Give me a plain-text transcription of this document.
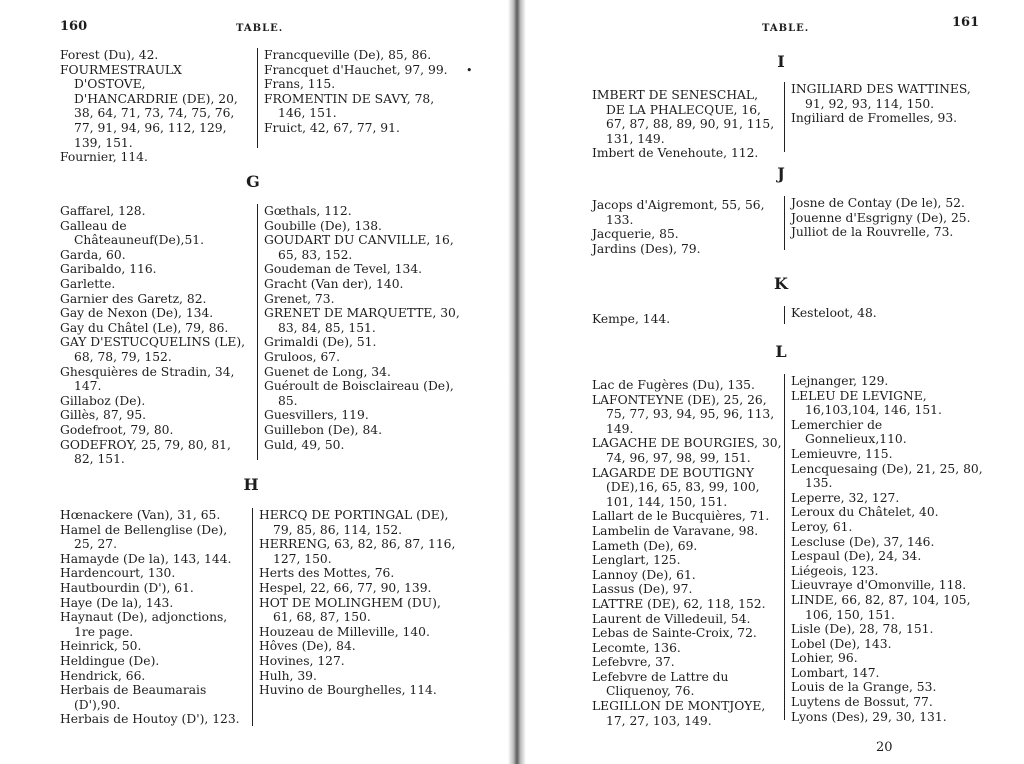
160	TABLE.
Forest (Du), 42.
FOURMESTRAULX D'OSTOVE, D'HANCARDRIE (DE), 20, 38, 64, 71, 73, 74, 75, 76, 77, 91, 94, 96, 112, 129, 139, 151.
Fournier, 114.
Francqueville (De), 85, 86.
Francquet d'Hauchet, 97, 99.
Frans, 115.
FROMENTIN DE SAVY, 78, 146, 151.
Fruict, 42, 67, 77, 91.
•
G
Gaffarel, 128.
Galleau de Châteauneuf(De),51.
Garda, 60.
Garibaldo, 116.
Garlette.
Garnier des Garetz, 82.
Gay de Nexon (De), 134.
Gay du Châtel (Le), 79, 86.
GAY D'ESTUCQUELINS (LE), 68, 78, 79, 152.
Ghesquières de Stradin, 34, 147.
Gillaboz (De).
Gillès, 87, 95.
Godefroot, 79, 80.
GODEFROY, 25, 79, 80, 81, 82, 151.
Gœthals, 112.
Goubille (De), 138.
GOUDART DU CANVILLE, 16, 65, 83, 152.
Goudeman de Tevel, 134.
Gracht (Van der), 140.
Grenet, 73.
GRENET DE MARQUETTE, 30, 83, 84, 85, 151.
Grimaldi (De), 51.
Gruloos, 67.
Guenet de Long, 34.
Guéroult de Boisclaireau (De), 85.
Guesvillers, 119.
Guillebon (De), 84.
Guld, 49, 50.
H
Hœnackere (Van), 31, 65.
Hamel de Bellenglise (De), 25, 27.
Hamayde (De la), 143, 144.
Hardencourt, 130.
Hautbourdin (D'), 61.
Haye (De la), 143.
Haynaut (De), adjonctions, 1re page.
Heinrick, 50.
Heldingue (De).
Hendrick, 66.
Herbais de Beaumarais (D'),90.
Herbais de Houtoy (D'), 123.
HERCQ DE PORTINGAL (DE), 79, 85, 86, 114, 152.
HERRENG, 63, 82, 86, 87, 116, 127, 150.
Herts des Mottes, 76.
Hespel, 22, 66, 77, 90, 139.
HOT DE MOLINGHEM (DU), 61, 68, 87, 150.
Houzeau de Milleville, 140.
Hôves (De), 84.
Hovines, 127.
Hulh, 39.
Huvino de Bourghelles, 114.
TABLE.	161
I
IMBERT DE SENESCHAL, DE LA PHALECQUE, 16, 67, 87, 88, 89, 90, 91, 115, 131, 149.
Imbert de Venehoute, 112.
INGILIARD DES WATTINES, 91, 92, 93, 114, 150.
Ingiliard de Fromelles, 93.
J
Jacops d'Aigremont, 55, 56, 133.
Jacquerie, 85.
Jardins (Des), 79.
Josne de Contay (De le), 52.
Jouenne d'Esgrigny (De), 25.
Julliot de la Rouvrelle, 73.
K
Kempe, 144.	Kesteloot, 48.
L
Lac de Fugères (Du), 135.
LAFONTEYNE (DE), 25, 26, 75, 77, 93, 94, 95, 96, 113, 149.
LAGACHE DE BOURGIES, 30, 74, 96, 97, 98, 99, 151.
LAGARDE DE BOUTIGNY (DE),16, 65, 83, 99, 100, 101, 144, 150, 151.
Lallart de le Bucquières, 71.
Lambelin de Varavane, 98.
Lameth (De), 69.
Lenglart, 125.
Lannoy (De), 61.
Lassus (De), 97.
LATTRE (DE), 62, 118, 152.
Laurent de Villedeuil, 54.
Lebas de Sainte-Croix, 72.
Lecomte, 136.
Lefebvre, 37.
Lefebvre de Lattre du Cliquenoy, 76.
LEGILLON DE MONTJOYE, 17, 27, 103, 149.
Lejnanger, 129.
LELEU DE LEVIGNE, 16,103,104, 146, 151.
Lemerchier de Gonnelieux,110.
Lemieuvre, 115.
Lencquesaing (De), 21, 25, 80, 135.
Leperre, 32, 127.
Leroux du Châtelet, 40.
Leroy, 61.
Lescluse (De), 37, 146.
Lespaul (De), 24, 34.
Liégeois, 123.
Lieuvraye d'Omonville, 118.
LINDE, 66, 82, 87, 104, 105, 106, 150, 151.
Lisle (De), 28, 78, 151.
Lobel (De), 143.
Lohier, 96.
Lombart, 147.
Louis de la Grange, 53.
Luytens de Bossut, 77.
Lyons (Des), 29, 30, 131.
20
